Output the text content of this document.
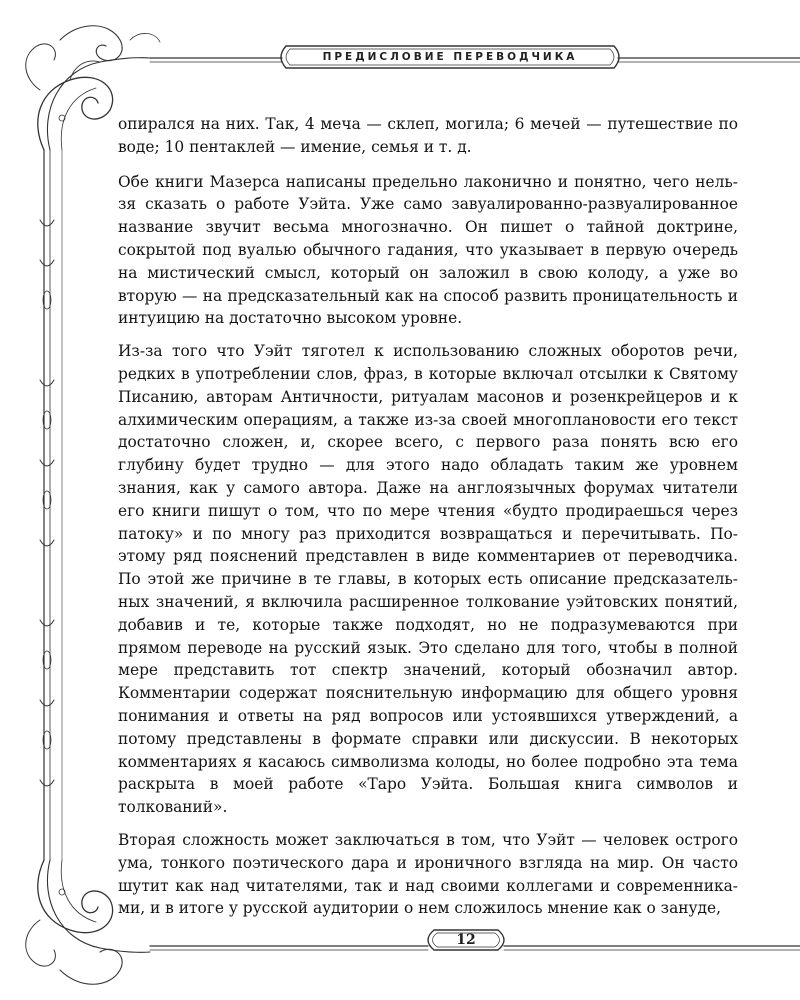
ПРЕДИСЛОВИЕ ПЕРЕВОДЧИКА

опирался на них. Так, 4 меча — склеп, могила; 6 мечей — путешествие по воде; 10 пентаклей — имение, семья и т. д.

Обе книги Мазерса написаны предельно лаконично и понятно, чего нельзя сказать о работе Уэйта. Уже само завуалированно-развуалированное название звучит весьма многозначно. Он пишет о тайной доктрине, сокрытой под вуалью обычного гадания, что указывает в первую очередь на мистический смысл, который он заложил в свою колоду, а уже во вторую — на предсказательный как на способ развить проницательность и интуицию на достаточно высоком уровне.

Из-за того что Уэйт тяготел к использованию сложных оборотов речи, редких в употреблении слов, фраз, в которые включал отсылки к Святому Писанию, авторам Античности, ритуалам масонов и розенкрейцеров и к алхимическим операциям, а также из-за своей многоплановости его текст достаточно сложен, и, скорее всего, с первого раза понять всю его глубину будет трудно — для этого надо обладать таким же уровнем знания, как у самого автора. Даже на англоязычных форумах читатели его книги пишут о том, что по мере чтения «будто продираешься через патоку» и по многу раз приходится возвращаться и перечитывать. Поэтому ряд пояснений представлен в виде комментариев от переводчика. По этой же причине в те главы, в которых есть описание предсказательных значений, я включила расширенное толкование уэйтовских понятий, добавив и те, которые также подходят, но не подразумеваются при прямом переводе на русский язык. Это сделано для того, чтобы в полной мере представить тот спектр значений, который обозначил автор. Комментарии содержат пояснительную информацию для общего уровня понимания и ответы на ряд вопросов или устоявшихся утверждений, а потому представлены в формате справки или дискуссии. В некоторых комментариях я касаюсь символизма колоды, но более подробно эта тема раскрыта в моей работе «Таро Уэйта. Большая книга символов и толкований».

Вторая сложность может заключаться в том, что Уэйт — человек острого ума, тонкого поэтического дара и ироничного взгляда на мир. Он часто шутит как над читателями, так и над своими коллегами и современниками, и в итоге у русской аудитории о нем сложилось мнение как о зануде,

12
